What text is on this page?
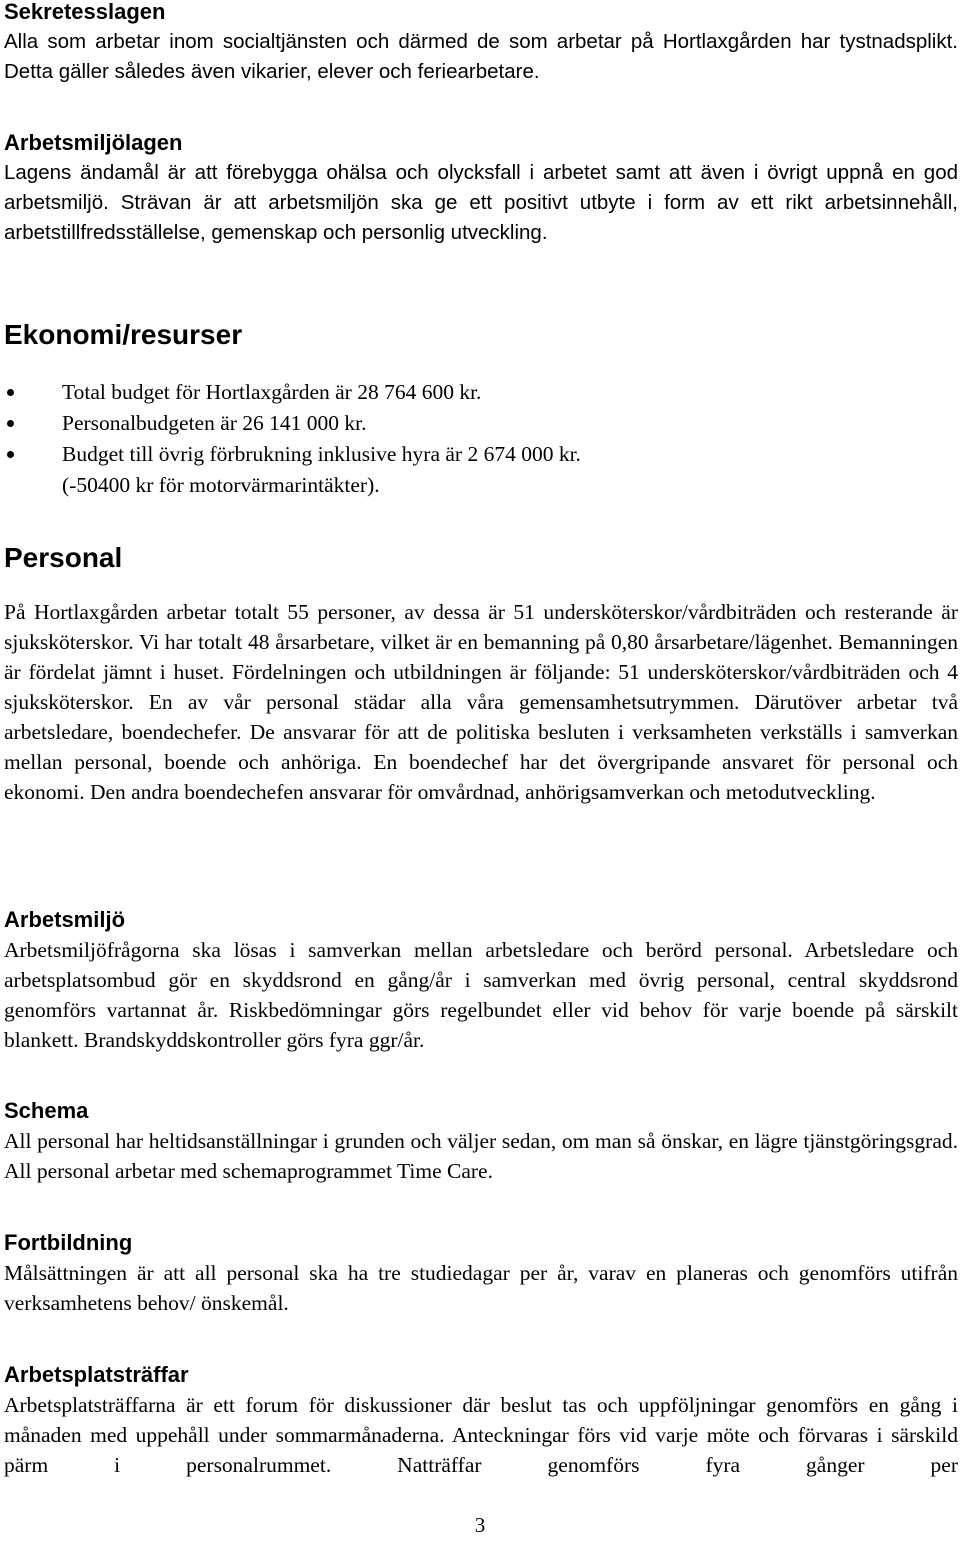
Sekretesslagen

Alla som arbetar inom socialtjänsten och därmed de som arbetar på Hortlaxgården har tystnadsplikt. Detta gäller således även vikarier, elever och feriearbetare.

Arbetsmiljölagen

Lagens ändamål är att förebygga ohälsa och olycksfall i arbetet samt att även i övrigt uppnå en god arbetsmiljö. Strävan är att arbetsmiljön ska ge ett positivt utbyte i form av ett rikt arbetsinnehåll, arbetstillfredsställelse, gemenskap och personlig utveckling.

Ekonomi/resurser
Total budget för Hortlaxgården är 28 764 600 kr.
Personalbudgeten är 26 141 000 kr.
Budget till övrig förbrukning inklusive hyra är 2 674 000 kr.
(-50400 kr för motorvärmarintäkter).
Personal

På Hortlaxgården arbetar totalt 55 personer, av dessa är 51 undersköterskor/vårdbiträden och resterande är sjuksköterskor. Vi har totalt 48 årsarbetare, vilket är en bemanning på 0,80 årsarbetare/lägenhet. Bemanningen är fördelat jämnt i huset. Fördelningen och utbildningen är följande: 51 undersköterskor/vårdbiträden och 4 sjuksköterskor. En av vår personal städar alla våra gemensamhetsutrymmen. Därutöver arbetar två arbetsledare, boendechefer. De ansvarar för att de politiska besluten i verksamheten verkställs i samverkan mellan personal, boende och anhöriga. En boendechef har det övergripande ansvaret för personal och ekonomi. Den andra boendechefen ansvarar för omvårdnad, anhörigsamverkan och metodutveckling.

Arbetsmiljö

Arbetsmiljöfrågorna ska lösas i samverkan mellan arbetsledare och berörd personal. Arbetsledare och arbetsplatsombud gör en skyddsrond en gång/år i samverkan med övrig personal, central skyddsrond genomförs vartannat år. Riskbedömningar görs regelbundet eller vid behov för varje boende på särskilt blankett. Brandskyddskontroller görs fyra ggr/år.

Schema

All personal har heltidsanställningar i grunden och väljer sedan, om man så önskar, en lägre tjänstgöringsgrad. All personal arbetar med schemaprogrammet Time Care.

Fortbildning

Målsättningen är att all personal ska ha tre studiedagar per år, varav en planeras och genomförs utifrån verksamhetens behov/ önskemål.

Arbetsplatsträffar

Arbetsplatsträffarna är ett forum för diskussioner där beslut tas och uppföljningar genomförs en gång i månaden med uppehåll under sommarmånaderna. Anteckningar förs vid varje möte och förvaras i särskild pärm i personalrummet. Natträffar genomförs fyra gånger per

3
